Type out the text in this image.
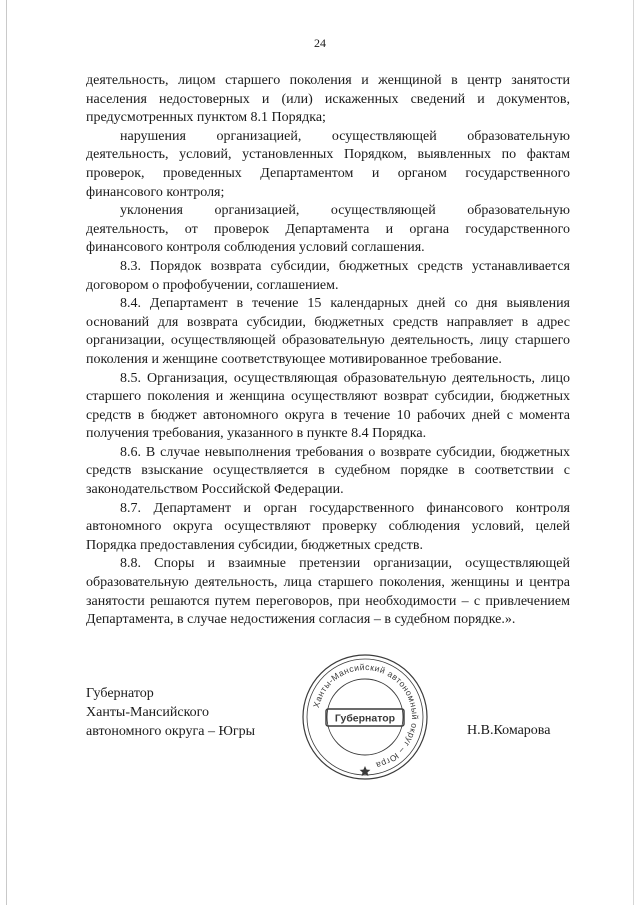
24

деятельность, лицом старшего поколения и женщиной в центр занятости населения недостоверных и (или) искаженных сведений и документов, предусмотренных пунктом 8.1 Порядка;

нарушения организацией, осуществляющей образовательную деятельность, условий, установленных Порядком, выявленных по фактам проверок, проведенных Департаментом и органом государственного финансового контроля;

уклонения организацией, осуществляющей образовательную деятельность, от проверок Департамента и органа государственного финансового контроля соблюдения условий соглашения.

8.3. Порядок возврата субсидии, бюджетных средств устанавливается договором о профобучении, соглашением.

8.4. Департамент в течение 15 календарных дней со дня выявления оснований для возврата субсидии, бюджетных средств направляет в адрес организации, осуществляющей образовательную деятельность, лицу старшего поколения и женщине соответствующее мотивированное требование.

8.5. Организация, осуществляющая образовательную деятельность, лицо старшего поколения и женщина осуществляют возврат субсидии, бюджетных средств в бюджет автономного округа в течение 10 рабочих дней с момента получения требования, указанного в пункте 8.4 Порядка.

8.6. В случае невыполнения требования о возврате субсидии, бюджетных средств взыскание осуществляется в судебном порядке в соответствии с законодательством Российской Федерации.

8.7. Департамент и орган государственного финансового контроля автономного округа осуществляют проверку соблюдения условий, целей Порядка предоставления субсидии, бюджетных средств.

8.8. Споры и взаимные претензии организации, осуществляющей образовательную деятельность, лица старшего поколения, женщины и центра занятости решаются путем переговоров, при необходимости – с привлечением Департамента, в случае недостижения согласия – в судебном порядке.».

Губернатор
Ханты-Мансийского
автономного округа – Югры
Ханты-Мансийский автономный округ – Югра
Губернатор
Н.В.Комарова
